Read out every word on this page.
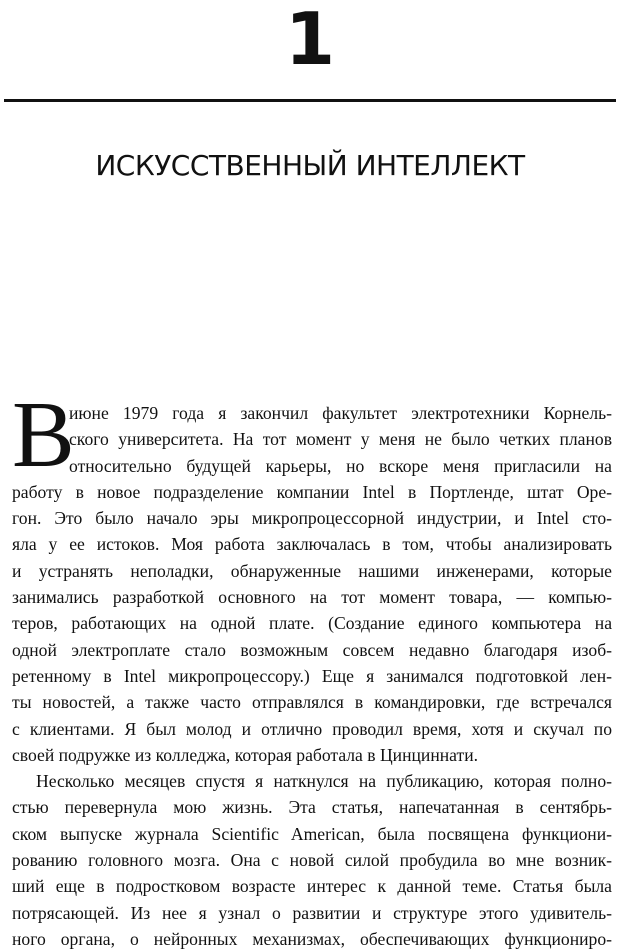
1
ИСКУССТВЕННЫЙ ИНТЕЛЛЕКТ
В
июне 1979 года я закончил факультет электротехники Корнель-
ского университета. На тот момент у меня не было четких планов
относительно будущей карьеры, но вскоре меня пригласили на
работу в новое подразделение компании Intel в Портленде, штат Оре-
гон. Это было начало эры микропроцессорной индустрии, и Intel сто-
яла у ее истоков. Моя работа заключалась в том, чтобы анализировать
и устранять неполадки, обнаруженные нашими инженерами, которые
занимались разработкой основного на тот момент товара, — компью-
теров, работающих на одной плате. (Создание единого компьютера на
одной электроплате стало возможным совсем недавно благодаря изоб-
ретенному в Intel микропроцессору.) Еще я занимался подготовкой лен-
ты новостей, а также часто отправлялся в командировки, где встречался
с клиентами. Я был молод и отлично проводил время, хотя и скучал по
своей подружке из колледжа, которая работала в Цинциннати.
Несколько месяцев спустя я наткнулся на публикацию, которая полно-
стью перевернула мою жизнь. Эта статья, напечатанная в сентябрь-
ском выпуске журнала Scientific American, была посвящена функциони-
рованию головного мозга. Она с новой силой пробудила во мне возник-
ший еще в подростковом возрасте интерес к данной теме. Статья была
потрясающей. Из нее я узнал о развитии и структуре этого удивитель-
ного органа, о нейронных механизмах, обеспечивающих функциониро-
